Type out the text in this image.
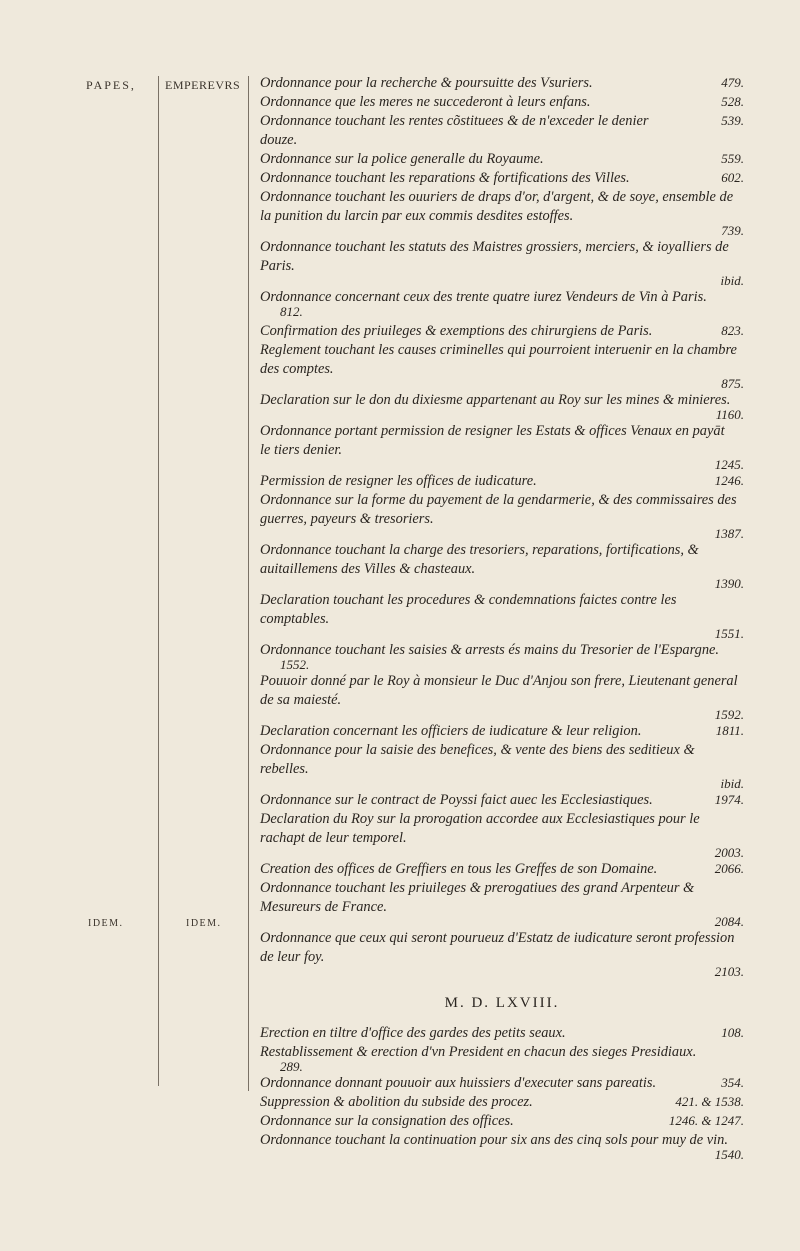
PAPES, EMPEREVRS
IDEM.	IDEM.
Ordonnance pour la recherche & poursuitte des Vsuriers.	479.
Ordonnance que les meres ne succederont à leurs enfans.	528.
Ordonnance touchant les rentes cõstituees & de n'exceder le denier douze.
539.
Ordonnance sur la police generalle du Royaume.	559.
Ordonnance touchant les reparations & fortifications des Villes.	602.
Ordonnance touchant les ouuriers de draps d'or, d'argent, & de soye, ensemble de la punition du larcin par eux commis desdites estoffes.
739.
Ordonnance touchant les statuts des Maistres grossiers, merciers, & ioyalliers de Paris.
ibid.
Ordonnance concernant ceux des trente quatre iurez Vendeurs de Vin à Paris.
812.
Confirmation des priuileges & exemptions des chirurgiens de Paris.	823.
Reglement touchant les causes criminelles qui pourroient interuenir en la chambre des comptes.
875.
Declaration sur le don du dixiesme appartenant au Roy sur les mines & minieres.
1160.
Ordonnance portant permission de resigner les Estats & offices Venaux en payāt le tiers denier.
1245.
Permission de resigner les offices de iudicature.	1246.
Ordonnance sur la forme du payement de la gendarmerie, & des commissaires des guerres, payeurs & tresoriers.
1387.
Ordonnance touchant la charge des tresoriers, reparations, fortifications, & auitaillemens des Villes & chasteaux.
1390.
Declaration touchant les procedures & condemnations faictes contre les comptables.
1551.
Ordonnance touchant les saisies & arrests és mains du Tresorier de l'Espargne.
1552.
Pouuoir donné par le Roy à monsieur le Duc d'Anjou son frere, Lieutenant general de sa maiesté.
1592.
Declaration concernant les officiers de iudicature & leur religion.	1811.
Ordonnance pour la saisie des benefices, & vente des biens des seditieux & rebelles.
ibid.
Ordonnance sur le contract de Poyssi faict auec les Ecclesiastiques.	1974.
Declaration du Roy sur la prorogation accordee aux Ecclesiastiques pour le rachapt de leur temporel.
2003.
Creation des offices de Greffiers en tous les Greffes de son Domaine.	2066.
Ordonnance touchant les priuileges & prerogatiues des grand Arpenteur & Mesureurs de France.
2084.
Ordonnance que ceux qui seront pourueuz d'Estatz de iudicature seront profession de leur foy.
2103.
M. D. LXVIII.
Erection en tiltre d'office des gardes des petits seaux.	108.
Restablissement & erection d'vn President en chacun des sieges Presidiaux.
289.
Ordonnance donnant pouuoir aux huissiers d'executer sans pareatis.	354.
Suppression & abolition du subside des procez.	421. & 1538.
Ordonnance sur la consignation des offices.	1246. & 1247.
Ordonnance touchant la continuation pour six ans des cinq sols pour muy de vin.
1540.
